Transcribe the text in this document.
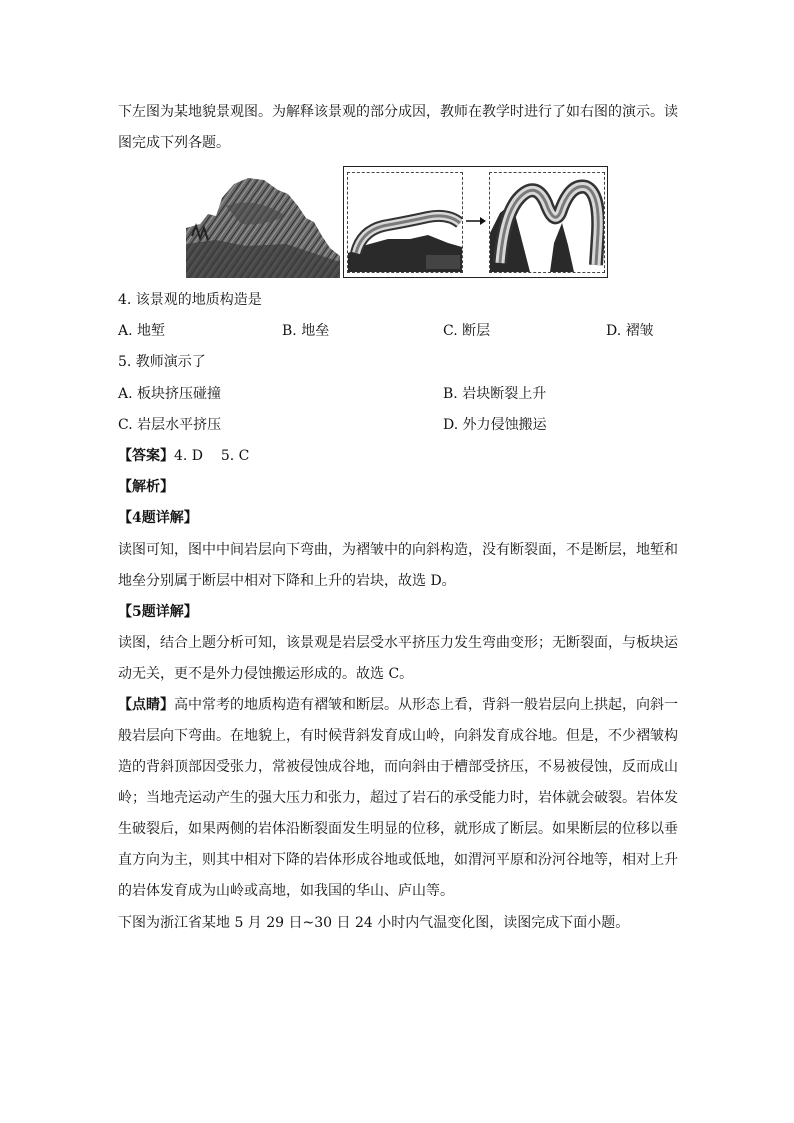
下左图为某地貌景观图。为解释该景观的部分成因，教师在教学时进行了如右图的演示。读
图完成下列各题。
4. 该景观的地质构造是
A. 地堑	B. 地垒	C. 断层	D. 褶皱
5. 教师演示了
A. 板块挤压碰撞	B. 岩块断裂上升
C. 岩层水平挤压	D. 外力侵蚀搬运
【答案】4. D    5. C
【解析】
【4题详解】
读图可知，图中中间岩层向下弯曲，为褶皱中的向斜构造，没有断裂面，不是断层，地堑和
地垒分别属于断层中相对下降和上升的岩块，故选 D。
【5题详解】
读图，结合上题分析可知，该景观是岩层受水平挤压力发生弯曲变形；无断裂面，与板块运
动无关，更不是外力侵蚀搬运形成的。故选 C。
【点睛】高中常考的地质构造有褶皱和断层。从形态上看，背斜一般岩层向上拱起，向斜一
般岩层向下弯曲。在地貌上，有时候背斜发育成山岭，向斜发育成谷地。但是，不少褶皱构
造的背斜顶部因受张力，常被侵蚀成谷地，而向斜由于槽部受挤压，不易被侵蚀，反而成山
岭；当地壳运动产生的强大压力和张力，超过了岩石的承受能力时，岩体就会破裂。岩体发
生破裂后，如果两侧的岩体沿断裂面发生明显的位移，就形成了断层。如果断层的位移以垂
直方向为主，则其中相对下降的岩体形成谷地或低地，如渭河平原和汾河谷地等，相对上升
的岩体发育成为山岭或高地，如我国的华山、庐山等。
下图为浙江省某地 5 月 29 日~30 日 24 小时内气温变化图，读图完成下面小题。
